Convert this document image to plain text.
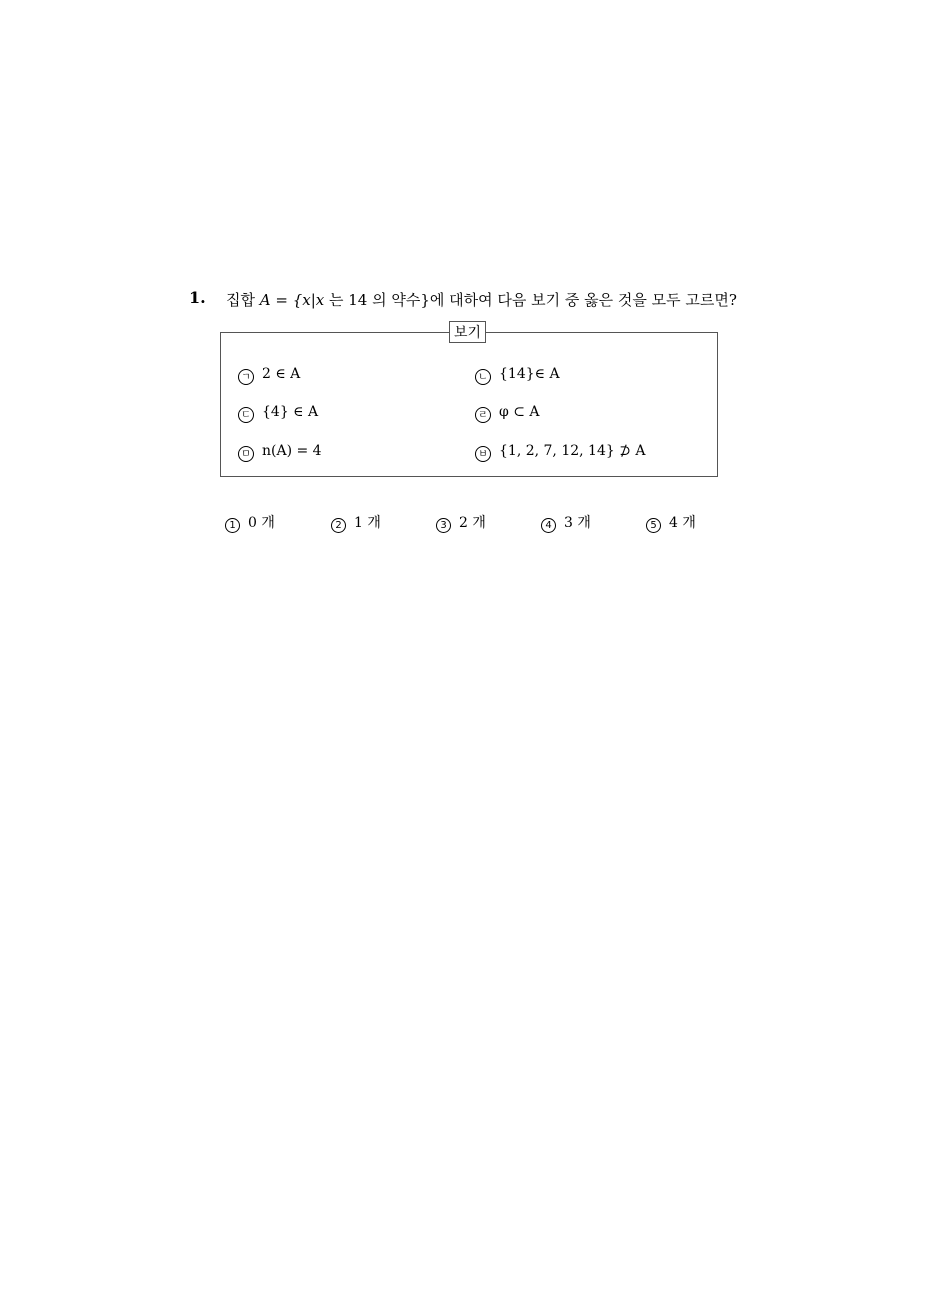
1. 집합 A = {x|x 는 14 의 약수}에 대하여 다음 보기 중 옳은 것을 모두 고르면?
보기
ㄱ 2 ∈ A	ㄴ {14}∈ A
ㄷ {4} ∈ A	ㄹ φ ⊂ A
ㅁ n(A) = 4	ㅂ {1, 2, 7, 12, 14} ⊅ A
1 0 개	2 1 개	3 2 개	4 3 개	5 4 개
